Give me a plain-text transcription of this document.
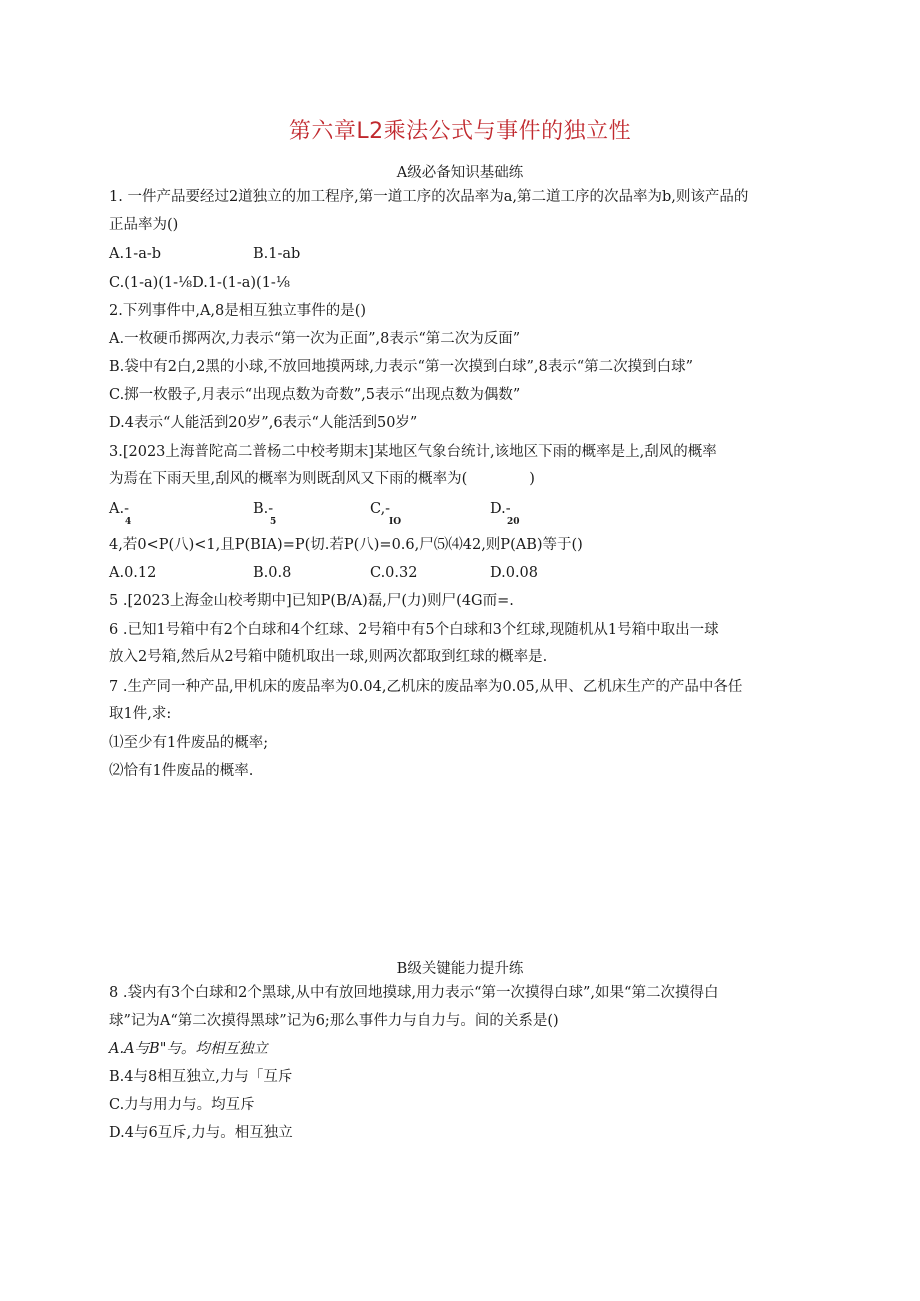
第六章L2乘法公式与事件的独立性
A级必备知识基础练
1. 一件产品要经过2道独立的加工程序,第一道工序的次品率为a,第二道工序的次品率为b,则该产品的
正品率为()
A.1-a-b	B.1-ab
C.(1-a)(1-⅛D.1-(1-a)(1-⅛
2.下列事件中,A,8是相互独立事件的是()
A.一枚硬币掷两次,力表示“第一次为正面”,8表示“第二次为反面”
B.袋中有2白,2黑的小球,不放回地摸两球,力表示“第一次摸到白球”,8表示“第二次摸到白球”
C.掷一枚骰子,月表示“出现点数为奇数”,5表示“出现点数为偶数”
D.4表示“人能活到20岁”,6表示“人能活到50岁”
3.[2023上海普陀高二普杨二中校考期末]某地区气象台统计,该地区下雨的概率是上,刮风的概率
为焉在下雨天里,刮风的概率为则既刮风又下雨的概率为(	)
A.-
4
B.-
5
C,-
IO
D.-
20
4,若0<P(八)<1,且P(BIA)=P(切.若P(八)=0.6,尸⑸⑷42,则P(AB)等于()
A.0.12	B.0.8	C.0.32	D.0.08
5 .[2023上海金山校考期中]已知P(B/A)磊,尸(力)则尸(4G而=.
6 .已知1号箱中有2个白球和4个红球、2号箱中有5个白球和3个红球,现随机从1号箱中取出一球
放入2号箱,然后从2号箱中随机取出一球,则两次都取到红球的概率是.
7 .生产同一种产品,甲机床的废品率为0.04,乙机床的废品率为0.05,从甲、乙机床生产的产品中各任
取1件,求:
⑴至少有1件废品的概率;
⑵恰有1件废品的概率.
B级关键能力提升练
8 .袋内有3个白球和2个黑球,从中有放回地摸球,用力表示“第一次摸得白球”,如果“第二次摸得白
球”记为A“第二次摸得黑球”记为6;那么事件力与自力与。间的关系是()
A.A与B"与。均相互独立
B.4与8相互独立,力与「互斥
C.力与用力与。均互斥
D.4与6互斥,力与。相互独立
